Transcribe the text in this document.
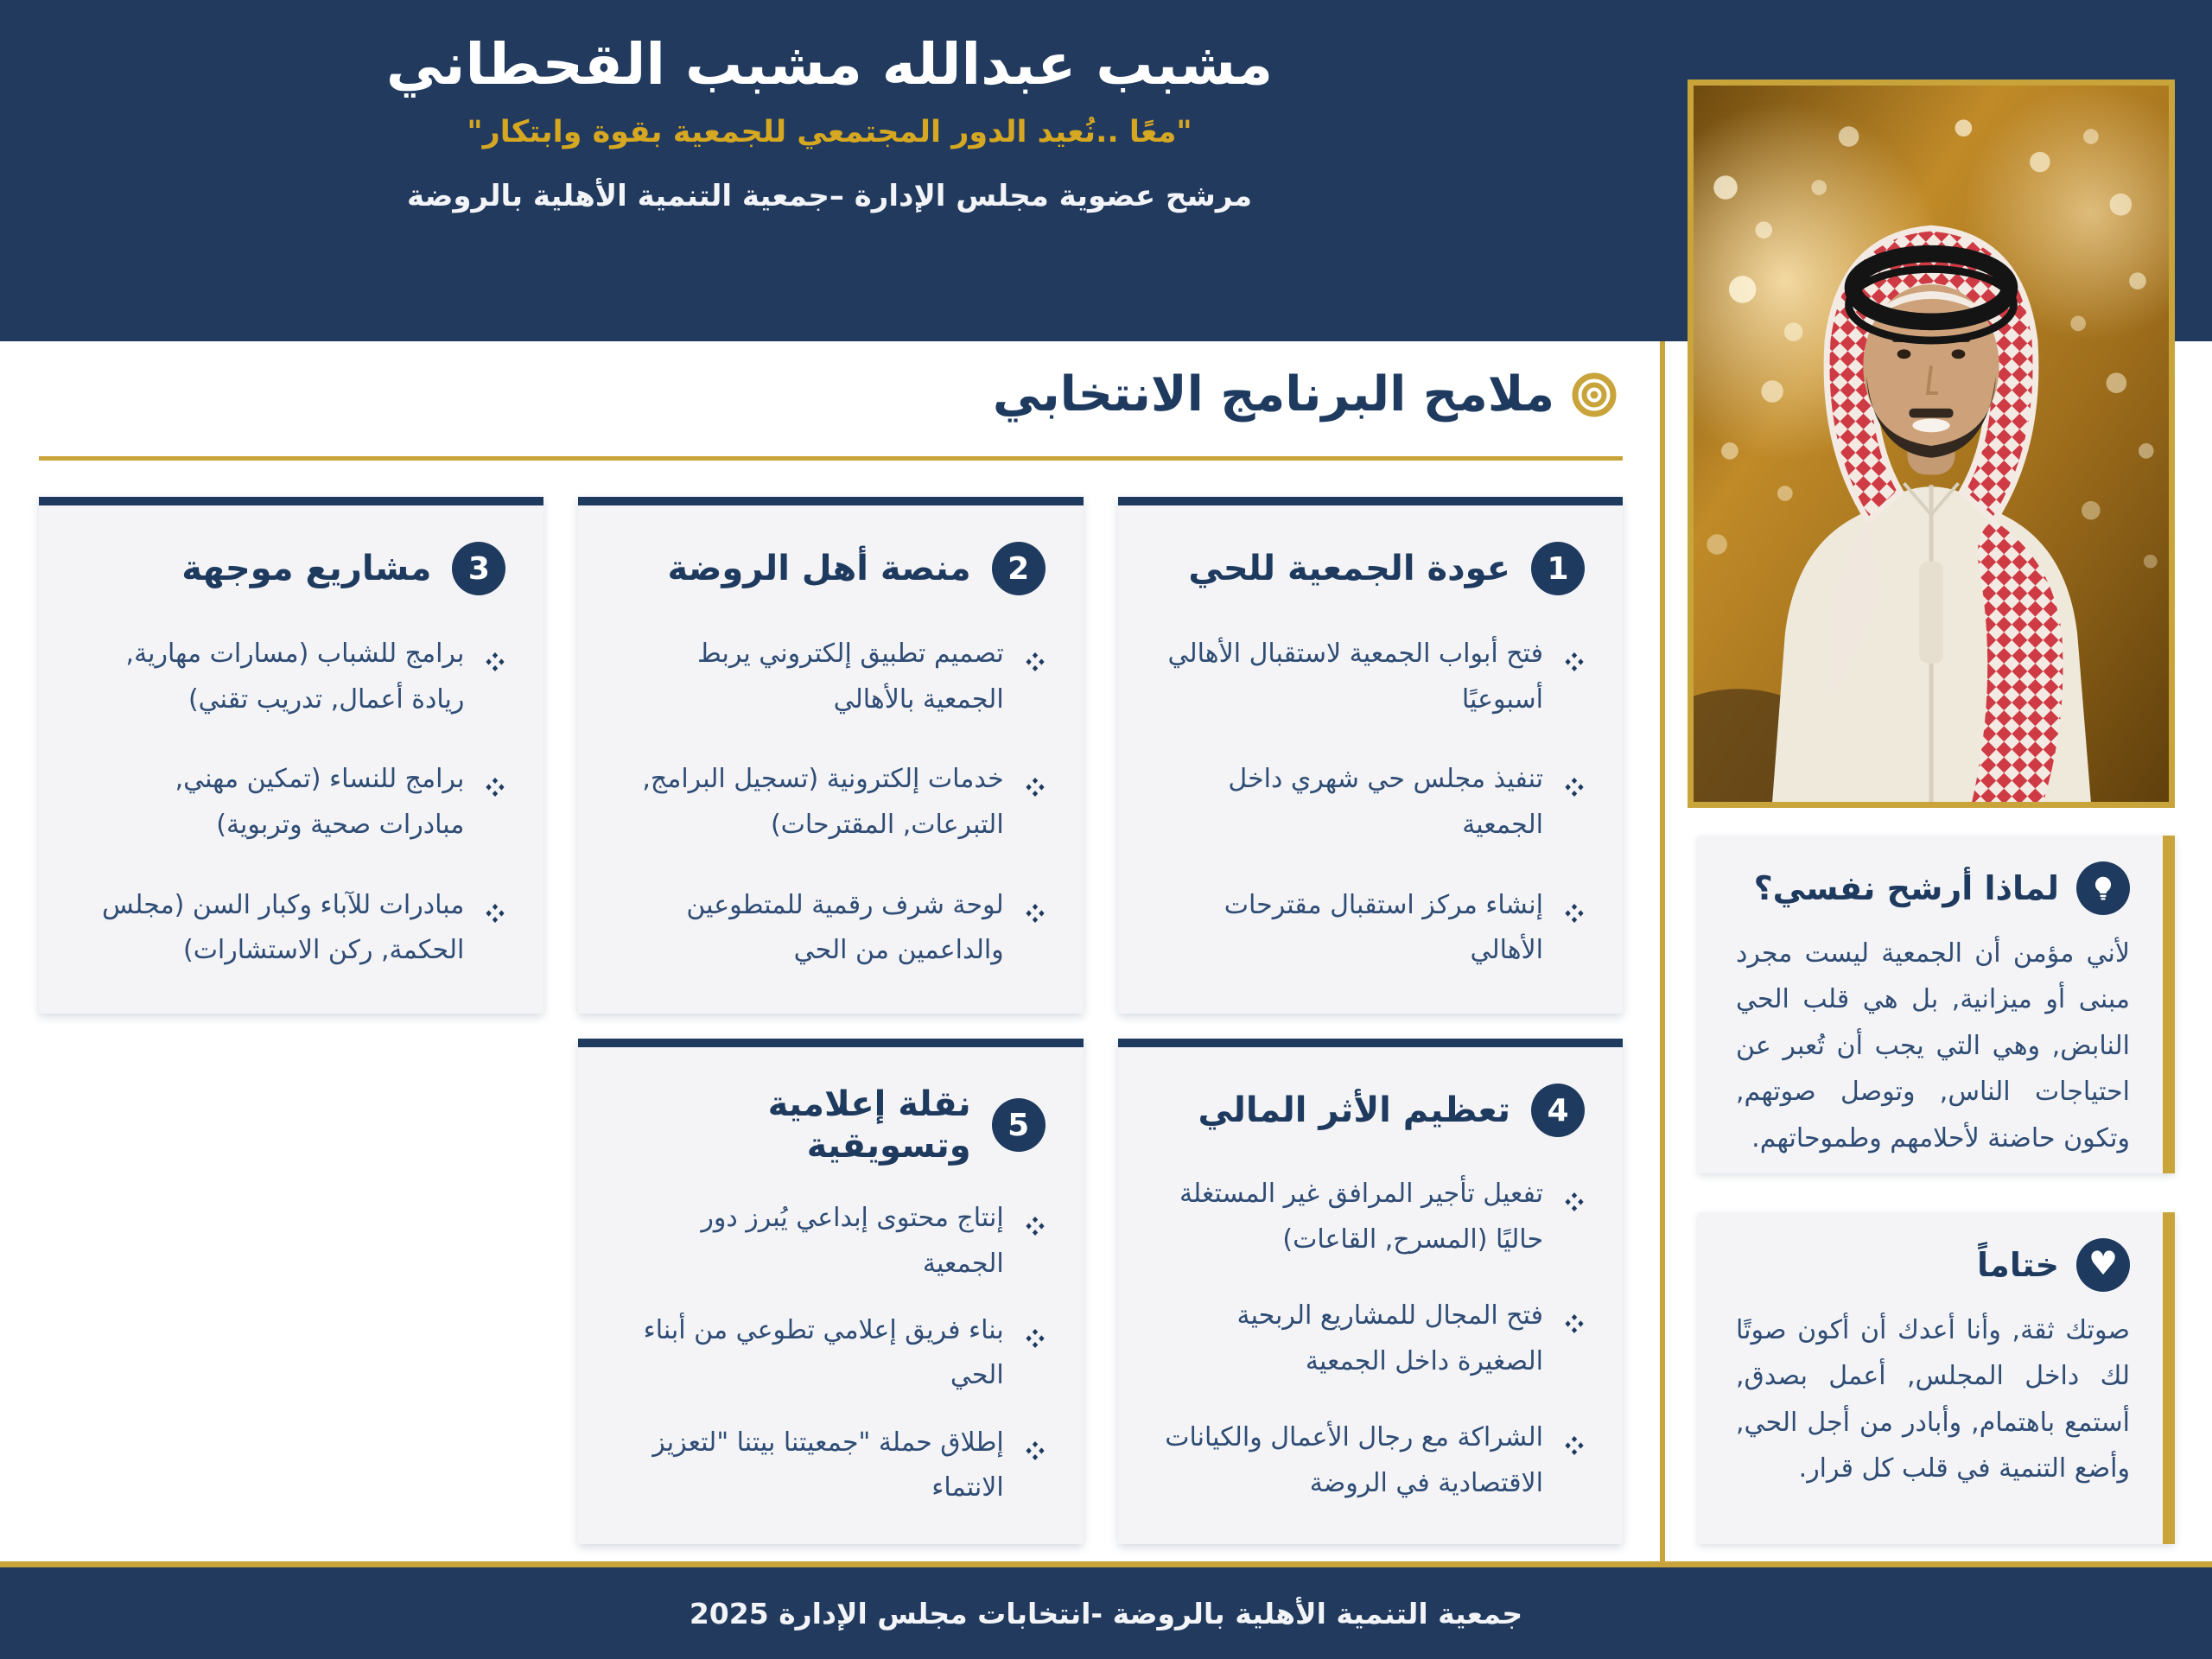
مشبب عبدالله مشبب القحطاني
"معًا ..نُعيد الدور المجتمعي للجمعية بقوة وابتكار"
مرشح عضوية مجلس الإدارة –جمعية التنمية الأهلية بالروضة
ملامح البرنامج الانتخابي
1
عودة الجمعية للحي
فتح أبواب الجمعية لاستقبال الأهالي أسبوعيًا
تنفيذ مجلس حي شهري داخل الجمعية
إنشاء مركز استقبال مقترحات الأهالي
2
منصة أهل الروضة
تصميم تطبيق إلكتروني يربط الجمعية بالأهالي
خدمات إلكترونية (تسجيل البرامج, التبرعات, المقترحات)
لوحة شرف رقمية للمتطوعين والداعمين من الحي
3
مشاريع موجهة
برامج للشباب (مسارات مهارية, ريادة أعمال, تدريب تقني)
برامج للنساء (تمكين مهني, مبادرات صحية وتربوية)
مبادرات للآباء وكبار السن (مجلس الحكمة, ركن الاستشارات)
4
تعظيم الأثر المالي
تفعيل تأجير المرافق غير المستغلة حاليًا (المسرح, القاعات)
فتح المجال للمشاريع الربحية الصغيرة داخل الجمعية
الشراكة مع رجال الأعمال والكيانات الاقتصادية في الروضة
5
نقلة إعلامية وتسويقية
إنتاج محتوى إبداعي يُبرز دور الجمعية
بناء فريق إعلامي تطوعي من أبناء الحي
إطلاق حملة "جمعيتنا بيتنا "لتعزيز الانتماء
لماذا أرشح نفسي؟

لأني مؤمن أن الجمعية ليست مجرد مبنى أو ميزانية, بل هي قلب الحي النابض, وهي التي يجب أن تُعبر عن احتياجات الناس, وتوصل صوتهم, وتكون حاضنة لأحلامهم وطموحاتهم.

♥
ختاماً

صوتك ثقة, وأنا أعدك أن أكون صوتًا لك داخل المجلس, أعمل بصدق, أستمع باهتمام, وأبادر من أجل الحي, وأضع التنمية في قلب كل قرار.

جمعية التنمية الأهلية بالروضة -انتخابات مجلس الإدارة 2025
